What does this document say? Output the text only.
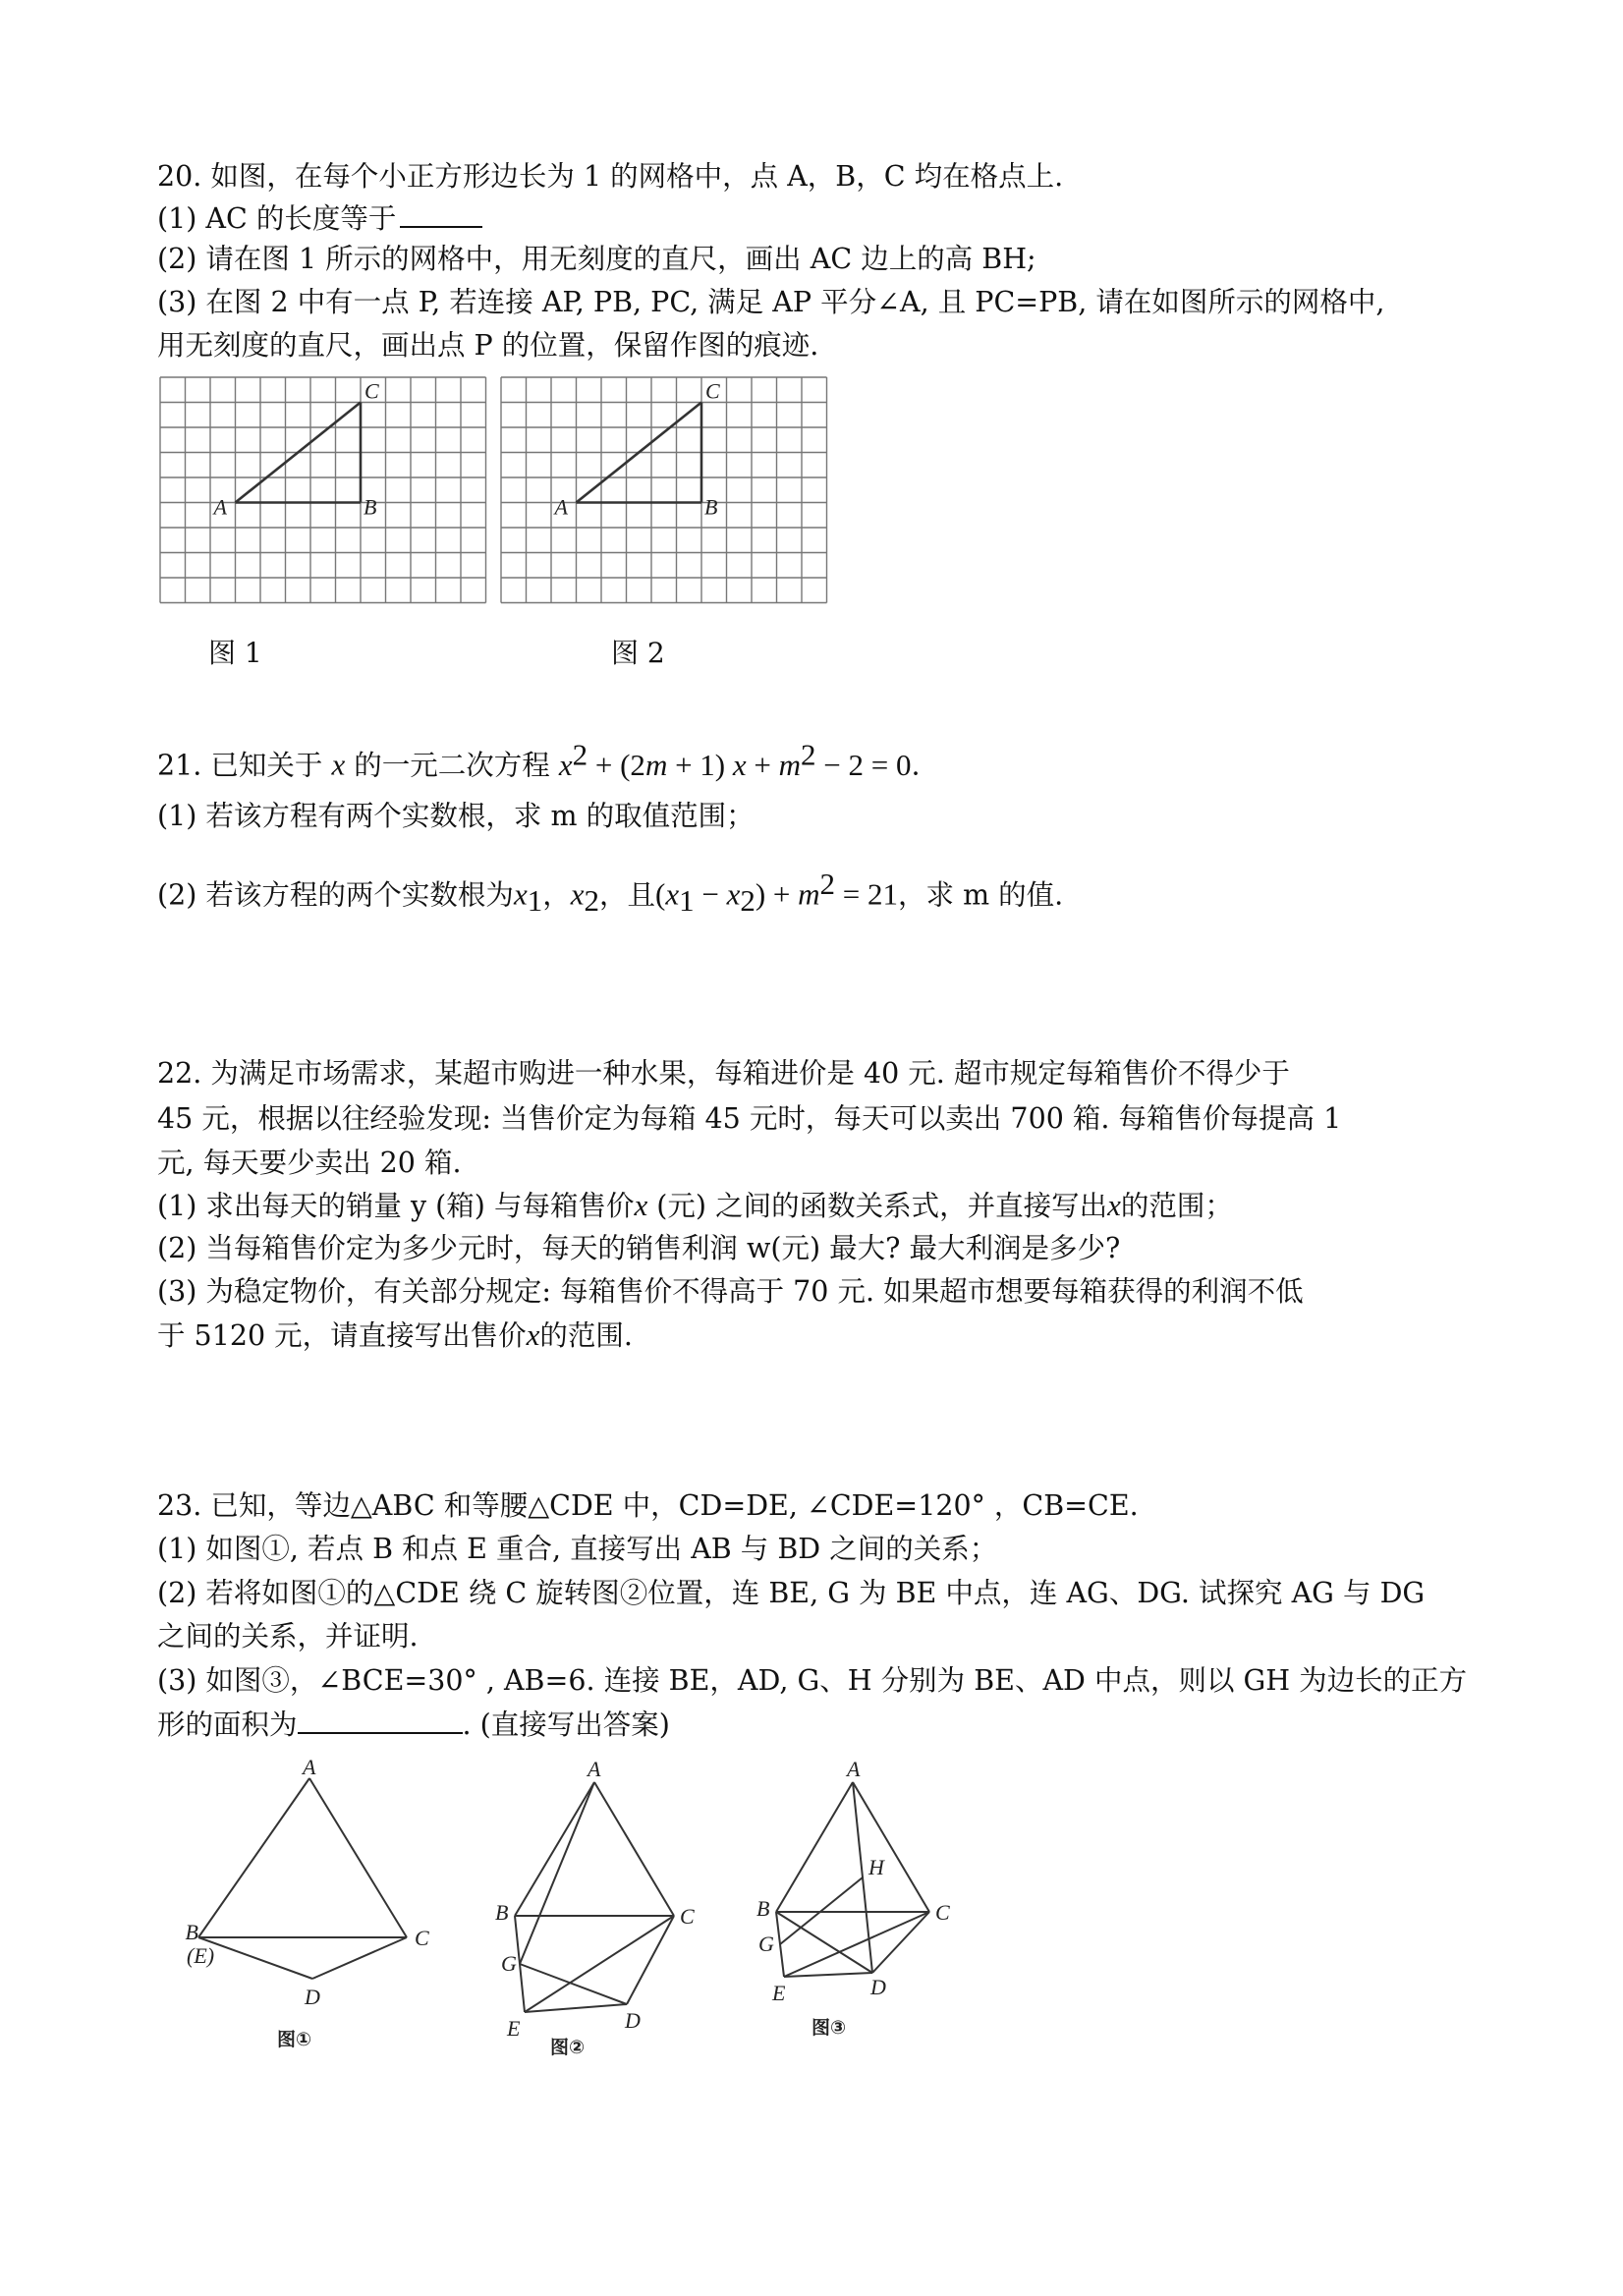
20. 如图，在每个小正方形边长为 1 的网格中，点 A，B，C 均在格点上.
(1) AC 的长度等于
(2) 请在图 1 所示的网格中，用无刻度的直尺，画出 AC 边上的高 BH;
(3) 在图 2 中有一点 P, 若连接 AP, PB, PC, 满足 AP 平分∠A, 且 PC=PB, 请在如图所示的网格中,
用无刻度的直尺，画出点 P 的位置，保留作图的痕迹.
A	B
C
A	B
C
图 1	图 2
21. 已知关于 x 的一元二次方程 $x^2 + (2m + 1) x + m^2 - 2 = 0$.
(1) 若该方程有两个实数根，求 m 的取值范围；
(2) 若该方程的两个实数根为$x_1$，$x_2$，且$(x_1 - x_2) + m^2 = 21$，求 m 的值.
22. 为满足市场需求，某超市购进一种水果，每箱进价是 40 元. 超市规定每箱售价不得少于
45 元，根据以往经验发现: 当售价定为每箱 45 元时，每天可以卖出 700 箱. 每箱售价每提高 1
元, 每天要少卖出 20 箱.
(1) 求出每天的销量 y (箱) 与每箱售价x (元) 之间的函数关系式，并直接写出x的范围；
(2) 当每箱售价定为多少元时，每天的销售利润 w(元) 最大? 最大利润是多少?
(3) 为稳定物价，有关部分规定: 每箱售价不得高于 70 元. 如果超市想要每箱获得的利润不低
于 5120 元，请直接写出售价x的范围.
23. 已知，等边△ABC 和等腰△CDE 中，CD=DE, ∠CDE=120° ，CB=CE.
(1) 如图①, 若点 B 和点 E 重合, 直接写出 AB 与 BD 之间的关系；
(2) 若将如图①的△CDE 绕 C 旋转图②位置，连 BE, G 为 BE 中点，连 AG、DG. 试探究 AG 与 DG
之间的关系，并证明.
(3) 如图③，∠BCE=30° , AB=6. 连接 BE，AD, G、H 分别为 BE、AD 中点，则以 GH 为边长的正方
形的面积为	. (直接写出答案)
A
B
(E)
C
D
图①
A
B	C
G
E	D
图②
A
B	C
H
G
E	D
图③
